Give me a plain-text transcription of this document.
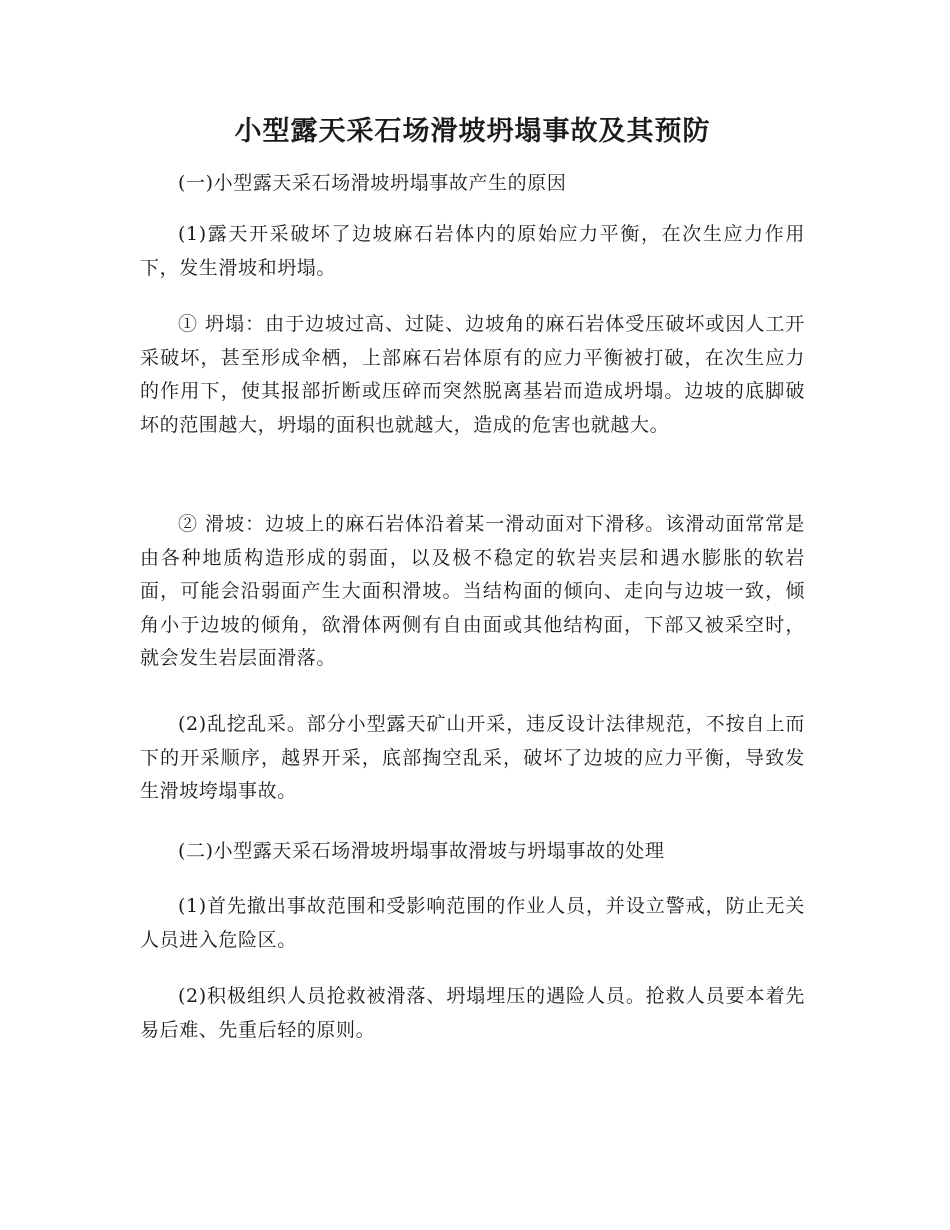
小型露天采石场滑坡坍塌事故及其预防

(一)小型露天采石场滑坡坍塌事故产生的原因

(1)露天开采破坏了边坡麻石岩体内的原始应力平衡，在次生应力作用下，发生滑坡和坍塌。

① 坍塌：由于边坡过高、过陡、边坡角的麻石岩体受压破坏或因人工开采破坏，甚至形成伞栖，上部麻石岩体原有的应力平衡被打破，在次生应力的作用下，使其报部折断或压碎而突然脱离基岩而造成坍塌。边坡的底脚破坏的范围越大，坍塌的面积也就越大，造成的危害也就越大。

② 滑坡：边坡上的麻石岩体沿着某一滑动面对下滑移。该滑动面常常是由各种地质构造形成的弱面，以及极不稳定的软岩夹层和遇水膨胀的软岩面，可能会沿弱面产生大面积滑坡。当结构面的倾向、走向与边坡一致，倾角小于边坡的倾角，欲滑体两侧有自由面或其他结构面，下部又被采空时，就会发生岩层面滑落。

(2)乱挖乱采。部分小型露天矿山开采，违反设计法律规范，不按自上而下的开采顺序，越界开采，底部掏空乱采，破坏了边坡的应力平衡，导致发生滑坡垮塌事故。

(二)小型露天采石场滑坡坍塌事故滑坡与坍塌事故的处理

(1)首先撤出事故范围和受影响范围的作业人员，并设立警戒，防止无关人员进入危险区。

(2)积极组织人员抢救被滑落、坍塌埋压的遇险人员。抢救人员要本着先易后难、先重后轻的原则。
